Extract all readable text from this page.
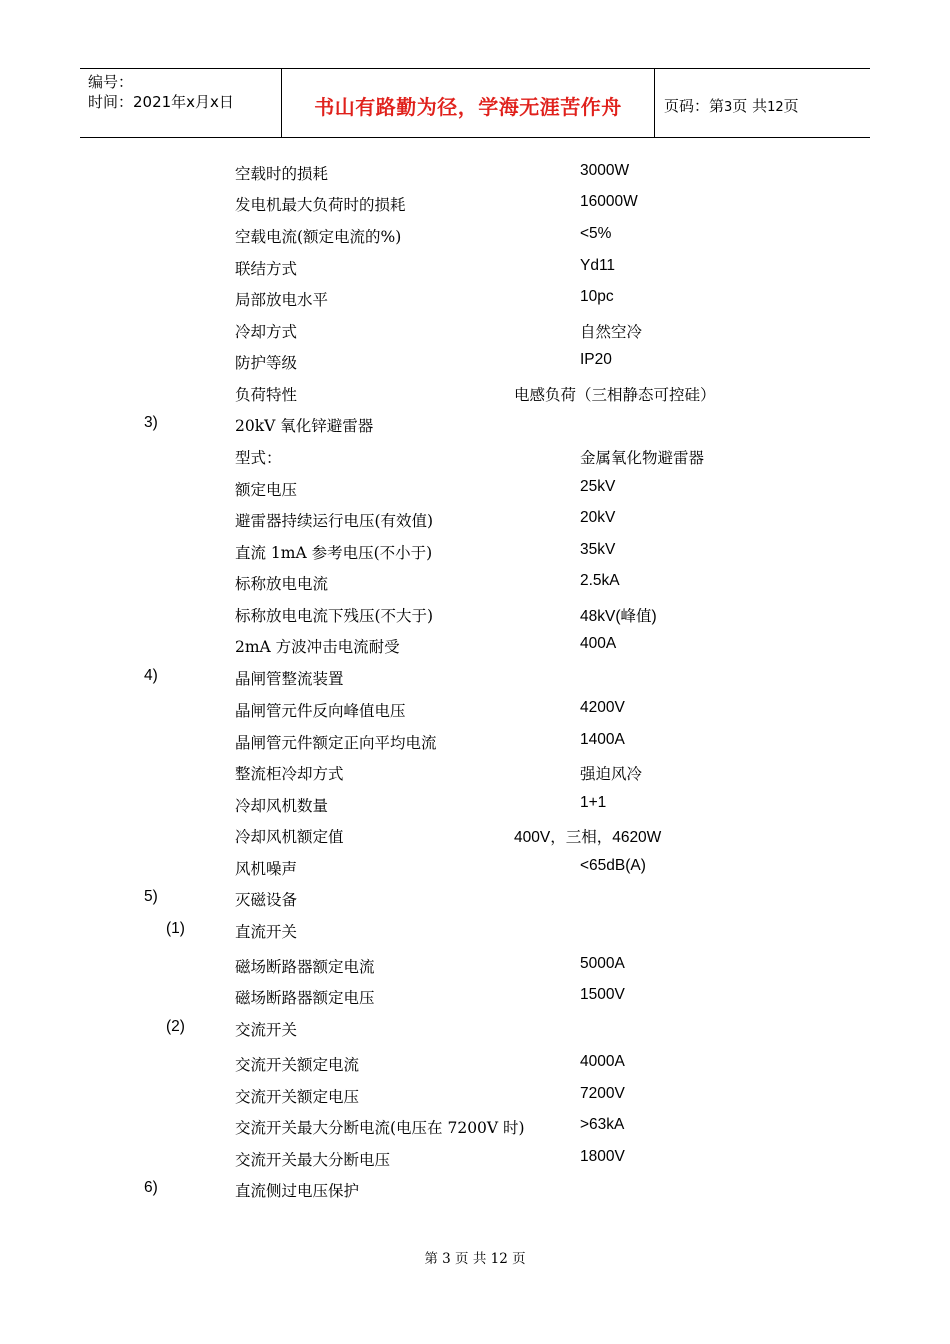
编号：
时间：2021年x月x日	书山有路勤为径，学海无涯苦作舟	页码：第3页 共12页
空载时的损耗	3000W
发电机最大负荷时的损耗	16000W
空载电流(额定电流的%)	<5%
联结方式	Yd11
局部放电水平	10pc
冷却方式	自然空冷
防护等级	IP20
负荷特性	电感负荷（三相静态可控硅）
3)	20kV 氧化锌避雷器
型式：	金属氧化物避雷器
额定电压	25kV
避雷器持续运行电压(有效值)	20kV
直流 1mA 参考电压(不小于)	35kV
标称放电电流	2.5kA
标称放电电流下残压(不大于)	48kV(峰值)
2mA 方波冲击电流耐受	400A
4)	晶闸管整流装置
晶闸管元件反向峰值电压	4200V
晶闸管元件额定正向平均电流	1400A
整流柜冷却方式	强迫风冷
冷却风机数量	1+1
冷却风机额定值	400V，三相，4620W
风机噪声	<65dB(A)
5)	灭磁设备
(1)	直流开关
磁场断路器额定电流	5000A
磁场断路器额定电压	1500V
(2)	交流开关
交流开关额定电流	4000A
交流开关额定电压	7200V
交流开关最大分断电流(电压在 7200V 时)	>63kA
交流开关最大分断电压	1800V
6)	直流侧过电压保护
第 3 页 共 12 页
